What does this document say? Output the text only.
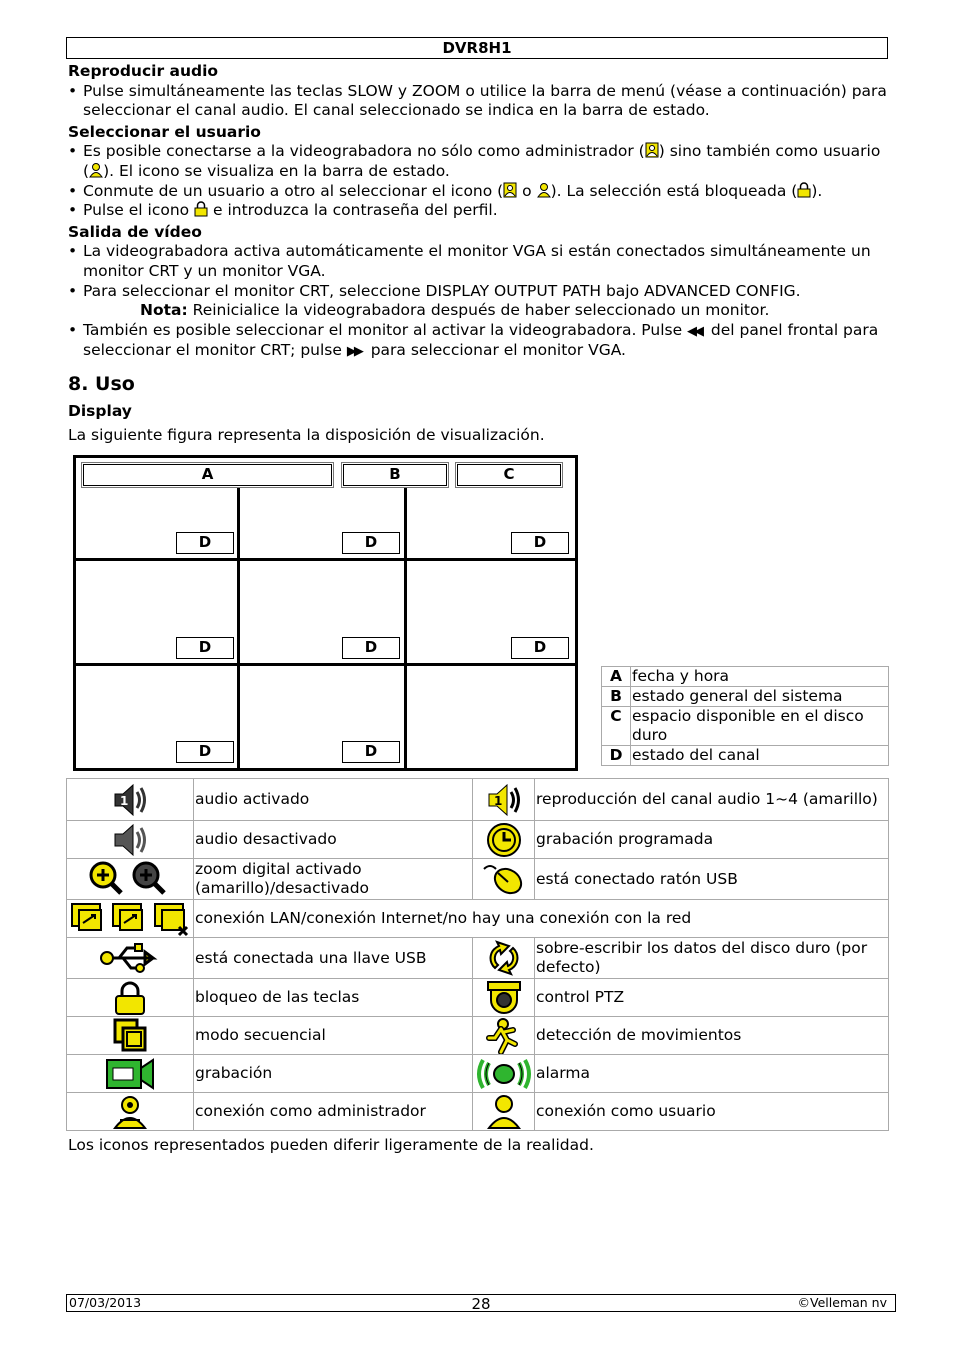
DVR8H1
Reproducir audio
• Pulse simultáneamente las teclas SLOW y ZOOM o utilice la barra de menú (véase a continuación) para seleccionar el canal audio. El canal seleccionado se indica en la barra de estado.
Seleccionar el usuario
• Es posible conectarse a la videograbadora no sólo como administrador ( ) sino también como usuario ( ). El icono se visualiza en la barra de estado.
• Conmute de un usuario a otro al seleccionar el icono ( o ). La selección está bloqueada ( ).
• Pulse el icono  e introduzca la contraseña del perfil.
Salida de vídeo
• La videograbadora activa automáticamente el monitor VGA si están conectados simultáneamente un monitor CRT y un monitor VGA.
• Para seleccionar el monitor CRT, seleccione DISPLAY OUTPUT PATH bajo ADVANCED CONFIG.
Nota: Reinicialice la videograbadora después de haber seleccionado un monitor.
• También es posible seleccionar el monitor al activar la videograbadora. Pulse ◀◀  del panel frontal para seleccionar el monitor CRT; pulse ▶▶  para seleccionar el monitor VGA.
8. Uso
Display
La siguiente figura representa la disposición de visualización.
A	B	C
D	D	D
D	D	D
D	D
A	fecha y hora
B	estado general del sistema
C	espacio disponible en el disco duro
D	estado del canal
1	audio activado	1	reproducción del canal audio 1~4 (amarillo)

	audio desactivado		grabación programada

	zoom digital activado (amarillo)/desactivado		está conectado ratón USB

	conexión LAN/conexión Internet/no hay una conexión con la red		

	está conectada una llave USB		sobre-escribir los datos del disco duro (por defecto)

	bloqueo de las teclas		control PTZ

	modo secuencial		detección de movimientos

	grabación		alarma

	conexión como administrador		conexión como usuario
Los iconos representados pueden diferir ligeramente de la realidad.
07/03/2013	28	©Velleman nv
